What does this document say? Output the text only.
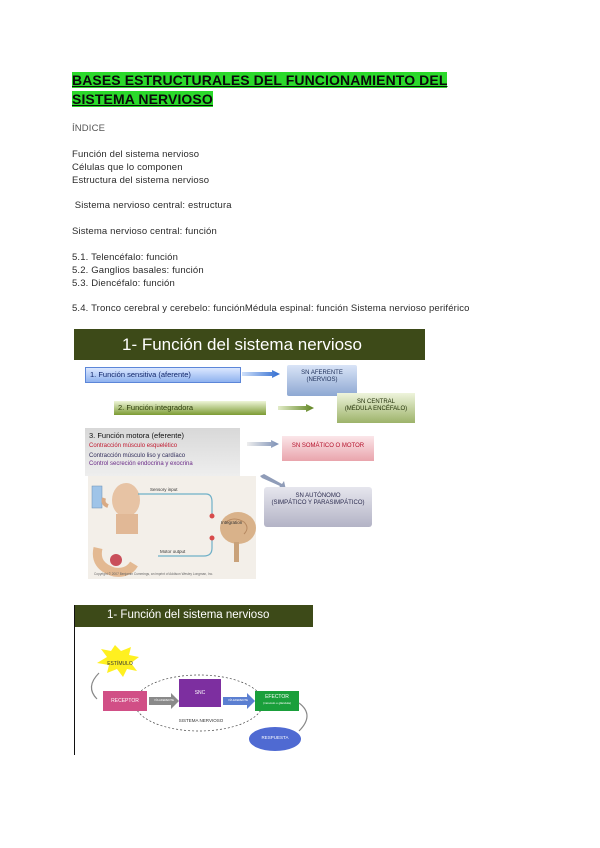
BASES ESTRUCTURALES DEL FUNCIONAMIENTO DEL SISTEMA NERVIOSO
ÍNDICE
Función del sistema nervioso
Células que lo componen
Estructura del sistema nervioso
Sistema nervioso central: estructura
Sistema nervioso central: función
5.1. Telencéfalo: función
5.2. Ganglios basales: función
5.3. Diencéfalo: función
5.4. Tronco cerebral y cerebelo: funciónMédula espinal: función Sistema nervioso periférico
1- Función del sistema nervioso
1. Función sensitiva (aferente)
2. Función integradora
3. Función motora (eferente)
Contracción músculo esquelético
Contracción músculo liso y cardíaco
Control secreción endocrina y exocrina
SN AFERENTE
(NERVIOS)
SN CENTRAL
(MÉDULA ENCÉFALO)
SN SOMÁTICO O MOTOR
SN AUTÓNOMO
(SIMPÁTICO Y PARASIMPÁTICO)
Sensory input
Integration
Motor output
Copyright © 2007 Benjamin Cummings, an imprint of Addison Wesley Longman, Inc.
1- Función del sistema nervioso
ESTÍMULO
RECEPTOR
SNC
VÍA AFERENTE	VÍA EFERENTE	EFECTOR
(músculo o glándula)
RESPUESTA
SISTEMA NERVIOSO
